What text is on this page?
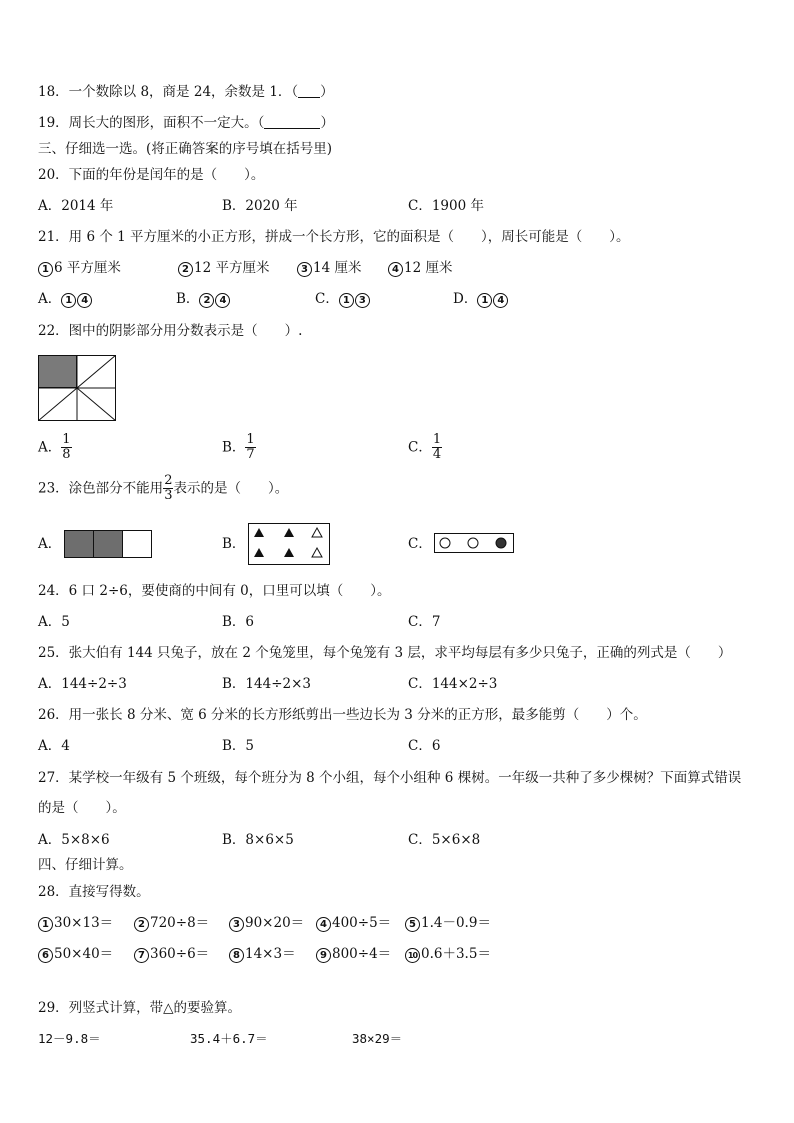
18．一个数除以 8，商是 24，余数是 1．（ ）
19．周长大的图形，面积不一定大。（	）
三、仔细选一选。(将正确答案的序号填在括号里)
20．下面的年份是闰年的是（　　）。
A．2014 年	B．2020 年	C．1900 年
21．用 6 个 1 平方厘米的小正方形，拼成一个长方形，它的面积是（　　），周长可能是（　　）。
1 6 平方厘米	2 12 平方厘米	3 14 厘米	4 12 厘米
A． 1 4	B． 2 4	C． 1 3	D． 1 4
22．图中的阴影部分用分数表示是（　　）.
A． $\frac{1}{8}$	B． $\frac{1}{7}$	C． $\frac{1}{4}$
23．涂色部分不能用 $\frac{2}{3}$ 表示的是（　　）。
A．	B．	C．
24．6 口 2÷6，要使商的中间有 0，口里可以填（　　）。
A．5	B．6	C．7
25．张大伯有 144 只兔子，放在 2 个兔笼里，每个兔笼有 3 层，求平均每层有多少只兔子，正确的列式是（　　）
A．144÷2÷3	B．144÷2×3	C．144×2÷3
26．用一张长 8 分米、宽 6 分米的长方形纸剪出一些边长为 3 分米的正方形，最多能剪（　　）个。
A．4	B．5	C．6
27．某学校一年级有 5 个班级，每个班分为 8 个小组，每个小组种 6 棵树。一年级一共种了多少棵树？下面算式错误
的是（　　）。
A．5×8×6	B．8×6×5	C．5×6×8
四、仔细计算。
28．直接写得数。
1 30×13＝	2 720÷8＝	3 90×20＝	4 400÷5＝	5 1.4－0.9＝
6 50×40＝	7 360÷6＝	8 14×3＝	9 800÷4＝	10 0.6＋3.5＝
29．列竖式计算，带△的要验算。
12－9.8＝	35.4＋6.7＝	38×29＝
